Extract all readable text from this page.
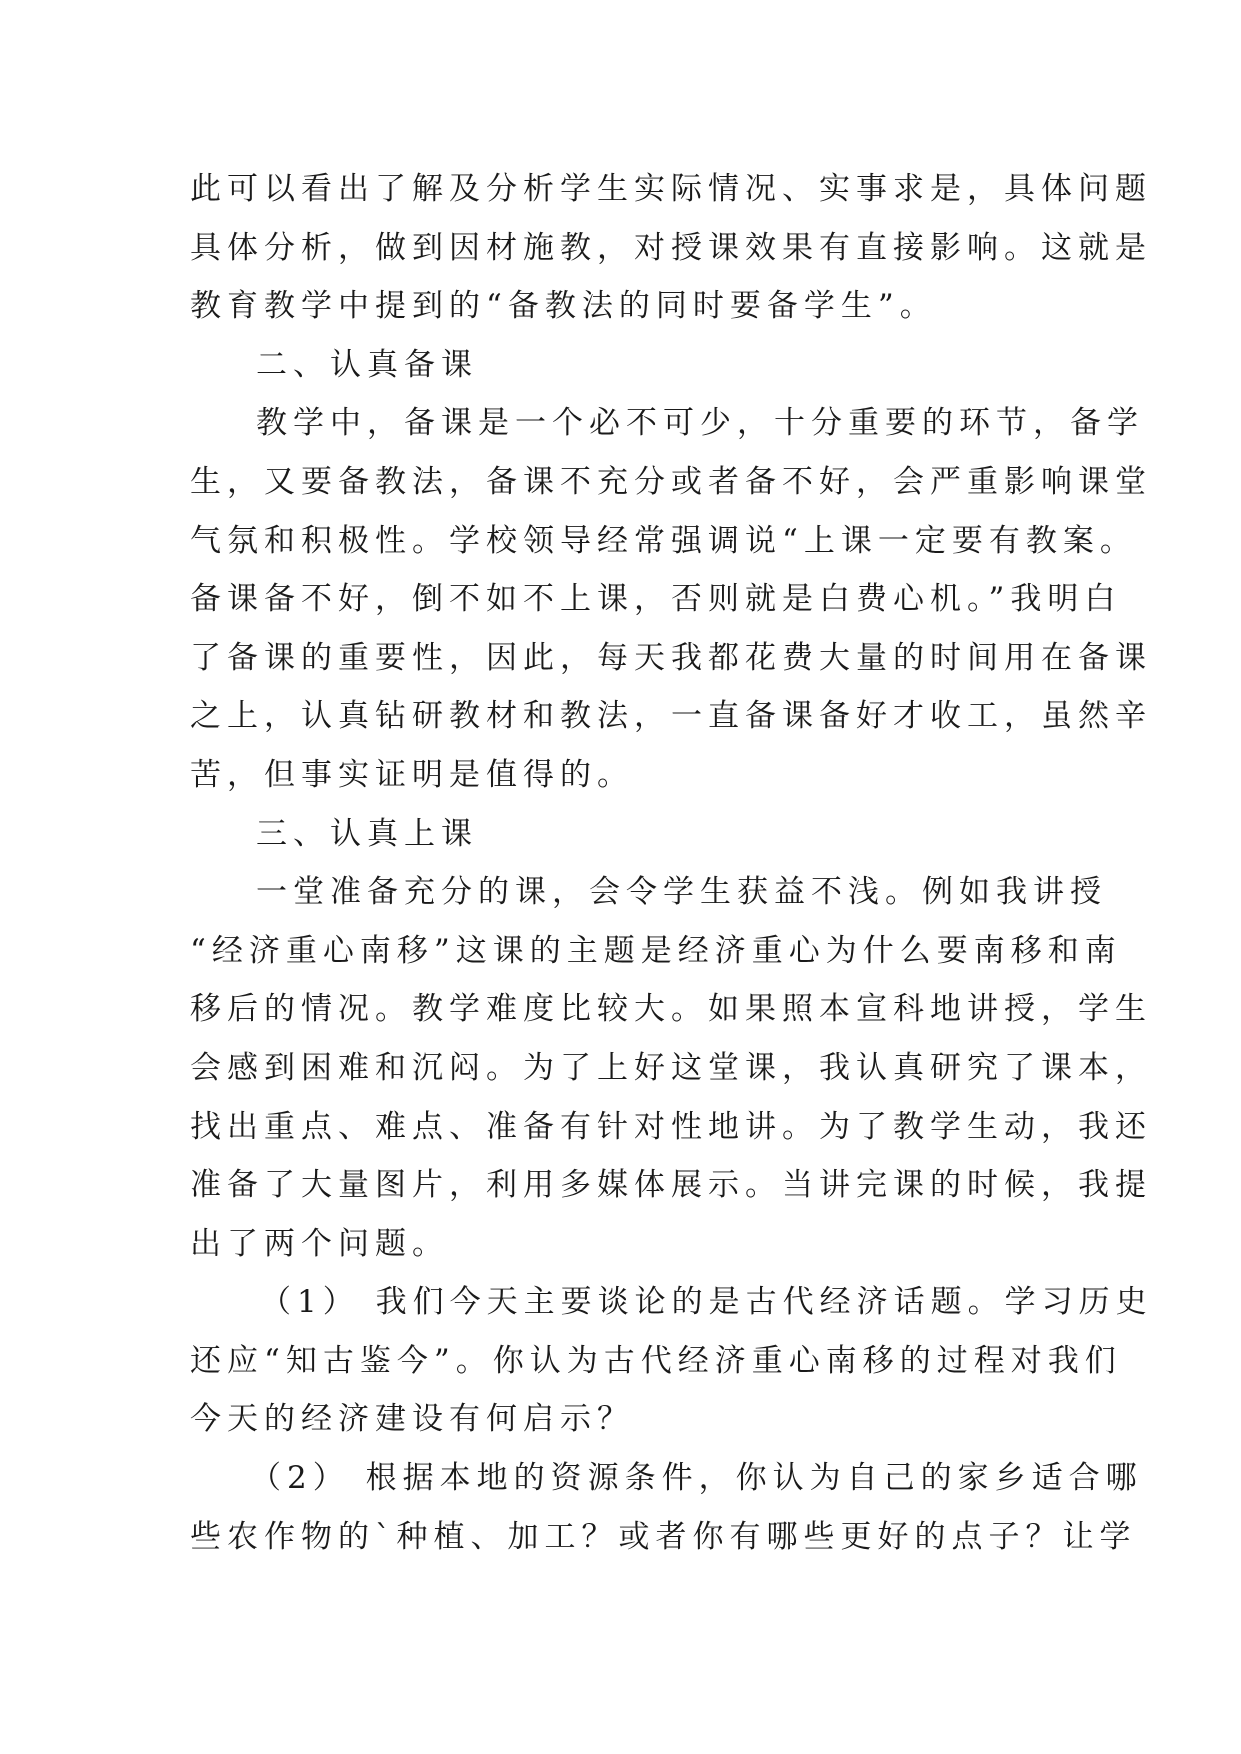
此可以看出了解及分析学生实际情况、实事求是，具体问题
具体分析，做到因材施教，对授课效果有直接影响。这就是
教育教学中提到的“备教法的同时要备学生”。
二、认真备课
教学中，备课是一个必不可少，十分重要的环节，备学
生，又要备教法，备课不充分或者备不好，会严重影响课堂
气氛和积极性。学校领导经常强调说“上课一定要有教案。
备课备不好，倒不如不上课，否则就是白费心机。”我明白
了备课的重要性，因此，每天我都花费大量的时间用在备课
之上，认真钻研教材和教法，一直备课备好才收工，虽然辛
苦，但事实证明是值得的。
三、认真上课
一堂准备充分的课，会令学生获益不浅。例如我讲授
“经济重心南移”这课的主题是经济重心为什么要南移和南
移后的情况。教学难度比较大。如果照本宣科地讲授，学生
会感到困难和沉闷。为了上好这堂课，我认真研究了课本，
找出重点、难点、准备有针对性地讲。为了教学生动，我还
准备了大量图片，利用多媒体展示。当讲完课的时候，我提
出了两个问题。
（1） 我们今天主要谈论的是古代经济话题。学习历史
还应“知古鉴今”。你认为古代经济重心南移的过程对我们
今天的经济建设有何启示？
（2） 根据本地的资源条件，你认为自己的家乡适合哪
些农作物的`种植、加工？或者你有哪些更好的点子？让学
